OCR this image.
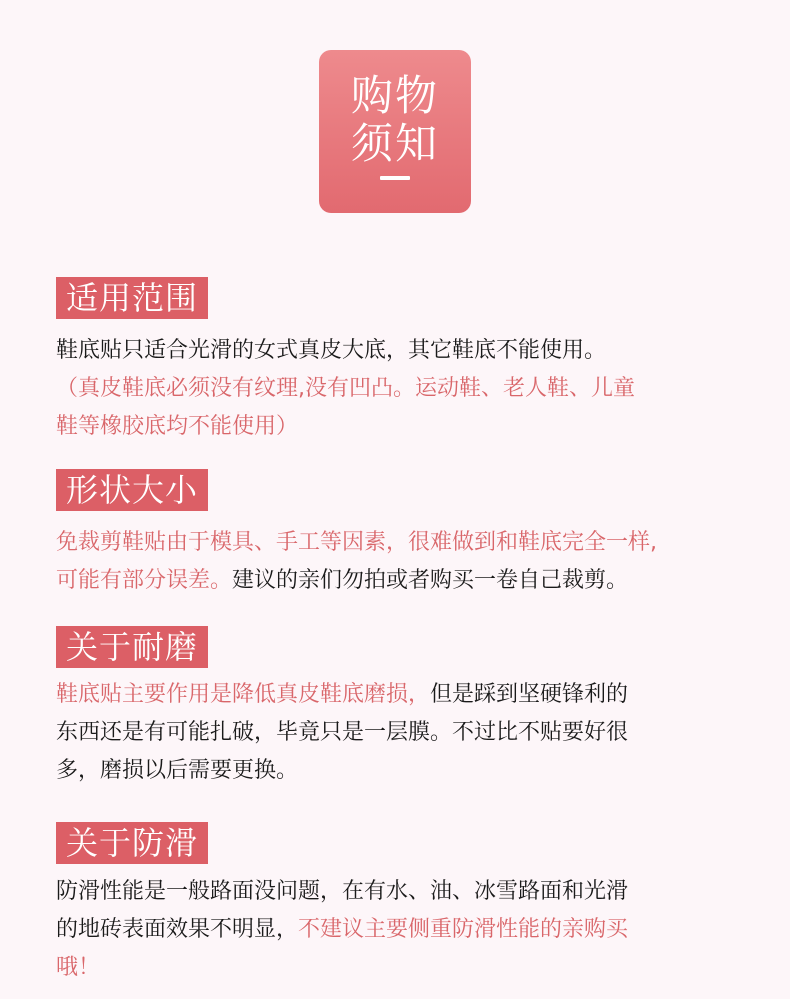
购物
须知
适用范围
鞋底贴只适合光滑的女式真皮大底，其它鞋底不能使用。
（真皮鞋底必须没有纹理,没有凹凸。运动鞋、老人鞋、儿童
鞋等橡胶底均不能使用）
形状大小
免裁剪鞋贴由于模具、手工等因素，很难做到和鞋底完全一样,
可能有部分误差。建议的亲们勿拍或者购买一卷自己裁剪。
关于耐磨
鞋底贴主要作用是降低真皮鞋底磨损，但是踩到坚硬锋利的
东西还是有可能扎破，毕竟只是一层膜。不过比不贴要好很
多，磨损以后需要更换。
关于防滑
防滑性能是一般路面没问题，在有水、油、冰雪路面和光滑
的地砖表面效果不明显，不建议主要侧重防滑性能的亲购买
哦！
